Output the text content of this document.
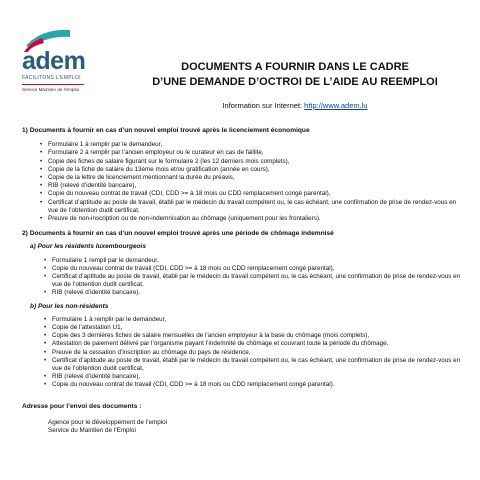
adem
FACILITONS L'EMPLOI
Service Maintien de l'emploi
DOCUMENTS A FOURNIR DANS LE CADRE
D’UNE DEMANDE D’OCTROI DE L’AIDE AU REEMPLOI
Information sur Internet: http://www.adem.lu
1) Documents à fournir en cas d’un nouvel emploi trouvé après le licenciement économique
• Formulaire 1 à remplir par le demandeur,
• Formulaire 2 à remplir par l’ancien employeur ou le curateur en cas de faillite,
• Copie des fiches de salaire figurant sur le formulaire 2 (les 12 derniers mois complets),
• Copie de la fiche de salaire du 13ème mois et/ou gratification (année en cours),
• Copie de la lettre de licenciement mentionnant la durée du préavis,
• RIB (relevé d’identité bancaire),
• Copie du nouveau contrat de travail (CDI, CDD >= à 18 mois ou CDD remplacement congé parental),
• Certificat d’aptitude au poste de travail, établi par le médecin du travail compétent ou, le cas échéant, une confirmation de prise de rendez-vous en vue de l’obtention dudit certificat,
• Preuve de non-inscription ou de non-indemnisation au chômage (uniquement pour les frontaliers).
2) Documents à fournir en cas d’un nouvel emploi trouvé après une période de chômage indemnisé
a) Pour les résidents luxembourgeois
• Formulaire 1 rempli par le demandeur,
• Copie du nouveau contrat de travail (CDI, CDD >= à 18 mois ou CDD remplacement congé parental),
• Certificat d’aptitude au poste de travail, établi par le médecin du travail compétent ou, le cas échéant, une confirmation de prise de rendez-vous en vue de l’obtention dudit certificat,
• RIB (relevé d’identité bancaire).
b) Pour les non-résidents
• Formulaire 1 à remplir par le demandeur,
• Copie de l’attestation U1,
• Copie des 3 dernières fiches de salaire mensuelles de l’ancien employeur à la base du chômage (mois complets),
• Attestation de paiement délivré par l’organisme payant l’indemnité de chômage et couvrant toute la période du chômage,
• Preuve de la cessation d’inscription au chômage du pays de résidence,
• Certificat d’aptitude au poste de travail, établi par le médecin du travail compétent ou, le cas échéant, une confirmation de prise de rendez-vous en vue de l’obtention dudit certificat,
• RIB (relevé d’identité bancaire),
• Copie du nouveau contrat de travail (CDI, CDD >= à 18 mois ou CDD remplacement congé parental).
Adresse pour l’envoi des documents :
Agence pour le développement de l’emploi
Service du Maintien de l’Emploi
